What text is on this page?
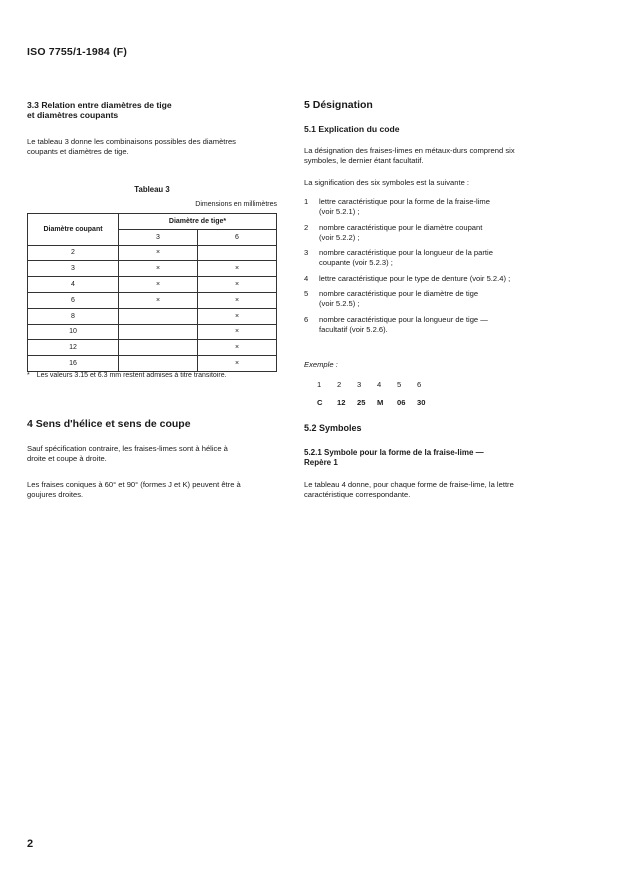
ISO 7755/1-1984 (F)
3.3 Relation entre diamètres de tige
et diamètres coupants
Le tableau 3 donne les combinaisons possibles des diamètres
coupants et diamètres de tige.
Tableau 3
Dimensions en millimètres
Diamètre coupant	Diamètre de tige*	
	3	6
2	×	
3	×	×
4	×	×
6	×	×
8		×
10		×
12		×
16		×
* Les valeurs 3.15 et 6.3 mm restent admises à titre transitoire.
4 Sens d'hélice et sens de coupe
Sauf spécification contraire, les fraises-limes sont à hélice à
droite et coupe à droite.
Les fraises coniques à 60° et 90° (formes J et K) peuvent être à
goujures droites.
5 Désignation
5.1 Explication du code
La désignation des fraises-limes en métaux-durs comprend six
symboles, le dernier étant facultatif.
La signification des six symboles est la suivante :
1 lettre caractéristique pour la forme de la fraise-lime
(voir 5.2.1) ;
2 nombre caractéristique pour le diamètre coupant
(voir 5.2.2) ;
3 nombre caractéristique pour la longueur de la partie
coupante (voir 5.2.3) ;
4 lettre caractéristique pour le type de denture (voir 5.2.4) ;
5 nombre caractéristique pour le diamètre de tige
(voir 5.2.5) ;
6 nombre caractéristique pour la longueur de tige —
facultatif (voir 5.2.6).
Exemple :
1	2	3	4	5	6
C	12	25	M	06	30
5.2 Symboles
5.2.1 Symbole pour la forme de la fraise-lime —
Repère 1
Le tableau 4 donne, pour chaque forme de fraise-lime, la lettre
caractéristique correspondante.
2
